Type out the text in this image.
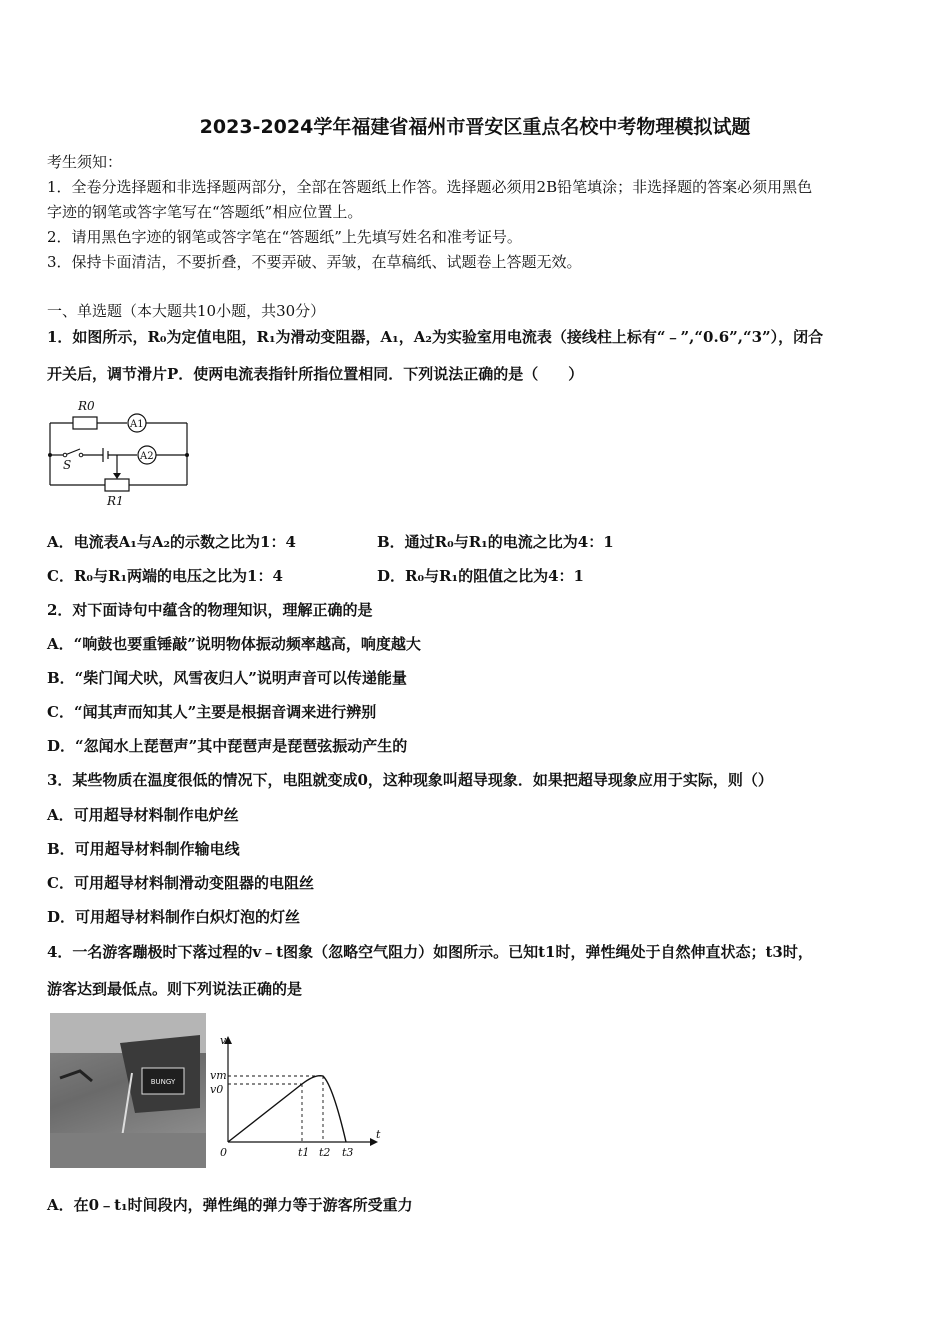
2023-2024学年福建省福州市晋安区重点名校中考物理模拟试题
考生须知：
1．全卷分选择题和非选择题两部分，全部在答题纸上作答。选择题必须用2B铅笔填涂；非选择题的答案必须用黑色
字迹的钢笔或答字笔写在“答题纸”相应位置上。
2．请用黑色字迹的钢笔或答字笔在“答题纸”上先填写姓名和准考证号。
3．保持卡面清洁，不要折叠，不要弄破、弄皱，在草稿纸、试题卷上答题无效。
一、单选题（本大题共10小题，共30分）
1．如图所示，R₀为定值电阻，R₁为滑动变阻器，A₁，A₂为实验室用电流表（接线柱上标有“﹣”,“0.6”,“3”），闭合
开关后，调节滑片P．使两电流表指针所指位置相同．下列说法正确的是（　　）
R0
A1
S
A2
R1
A．电流表A₁与A₂的示数之比为1：4	B．通过R₀与R₁的电流之比为4：1
C．R₀与R₁两端的电压之比为1：4	D．R₀与R₁的阻值之比为4：1
2．对下面诗句中蕴含的物理知识，理解正确的是
A．“响鼓也要重锤敲”说明物体振动频率越高，响度越大
B．“柴门闻犬吠，风雪夜归人”说明声音可以传递能量
C．“闻其声而知其人”主要是根据音调来进行辨别
D．“忽闻水上琵琶声”其中琵琶声是琵琶弦振动产生的
3．某些物质在温度很低的情况下，电阻就变成0，这种现象叫超导现象．如果把超导现象应用于实际，则（）
A．可用超导材料制作电炉丝
B．可用超导材料制作输电线
C．可用超导材料制滑动变阻器的电阻丝
D．可用超导材料制作白炽灯泡的灯丝
4．一名游客蹦极时下落过程的v﹣t图象（忽略空气阻力）如图所示。已知t1时，弹性绳处于自然伸直状态；t3时，
游客达到最低点。则下列说法正确的是
BUNGY
v
vm
v0
0
t
t1 t2 t3
A．在0﹣t₁时间段内，弹性绳的弹力等于游客所受重力
